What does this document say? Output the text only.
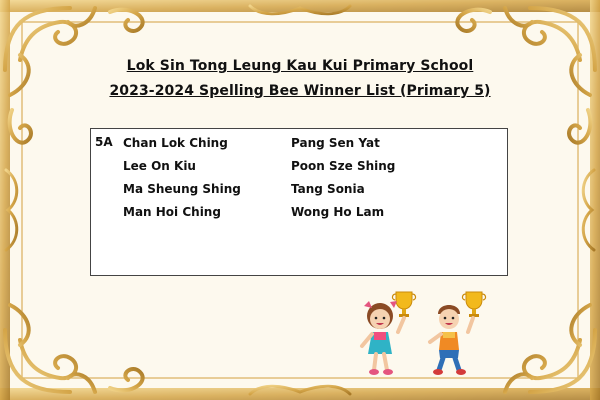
Lok Sin Tong Leung Kau Kui Primary School
2023-2024 Spelling Bee Winner List (Primary 5)
5A Chan Lok Ching
Lee On Kiu
Ma Sheung Shing
Man Hoi Ching
Pang Sen Yat
Poon Sze Shing
Tang Sonia
Wong Ho Lam
